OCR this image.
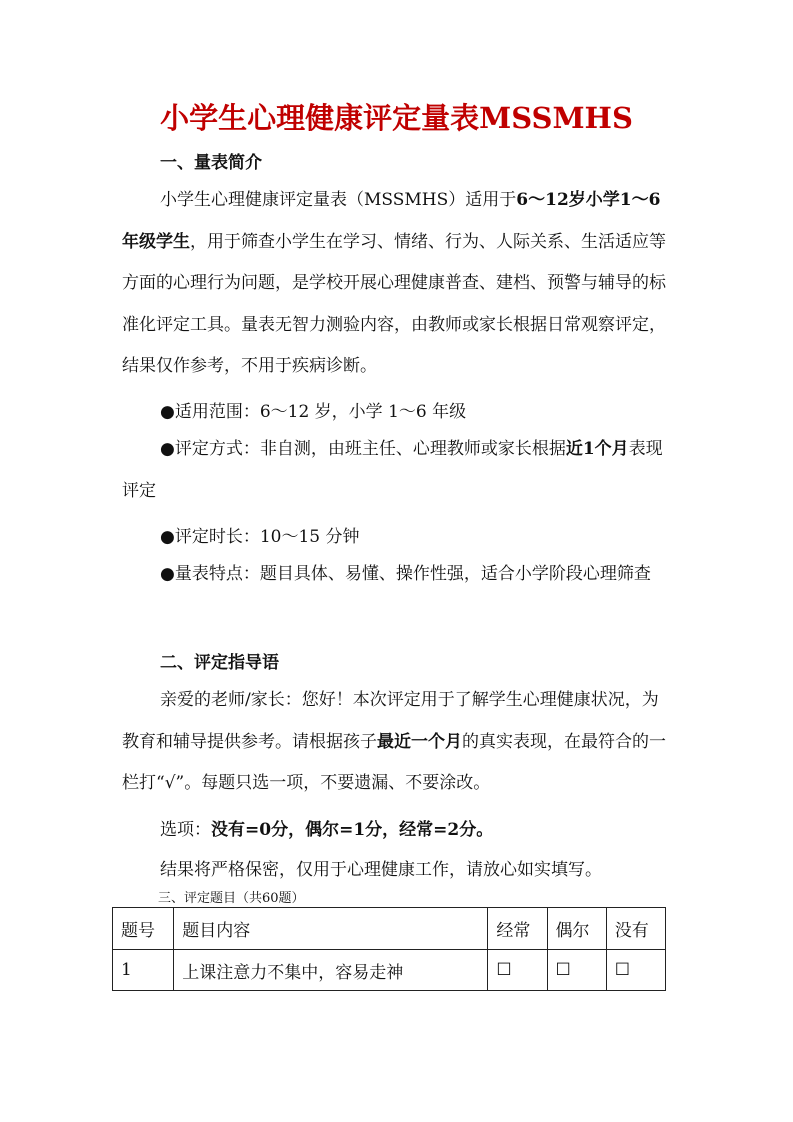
小学生心理健康评定量表MSSMHS
一、量表简介
小学生心理健康评定量表（MSSMHS）适用于6～12岁小学1～6年级学生，用于筛查小学生在学习、情绪、行为、人际关系、生活适应等方面的心理行为问题，是学校开展心理健康普查、建档、预警与辅导的标准化评定工具。量表无智力测验内容，由教师或家长根据日常观察评定，结果仅作参考，不用于疾病诊断。
●适用范围：6～12 岁，小学 1～6 年级
●评定方式：非自测，由班主任、心理教师或家长根据近1个月表现评定
●评定时长：10～15 分钟
●量表特点：题目具体、易懂、操作性强，适合小学阶段心理筛查
二、评定指导语
亲爱的老师/家长：您好！本次评定用于了解学生心理健康状况，为教育和辅导提供参考。请根据孩子最近一个月的真实表现，在最符合的一栏打“√”。每题只选一项，不要遗漏、不要涂改。
选项：没有=0分，偶尔=1分，经常=2分。
结果将严格保密，仅用于心理健康工作，请放心如实填写。
三、评定题目（共60题）
题号	题目内容	经常	偶尔	没有
1	上课注意力不集中，容易走神	☐	☐	☐
